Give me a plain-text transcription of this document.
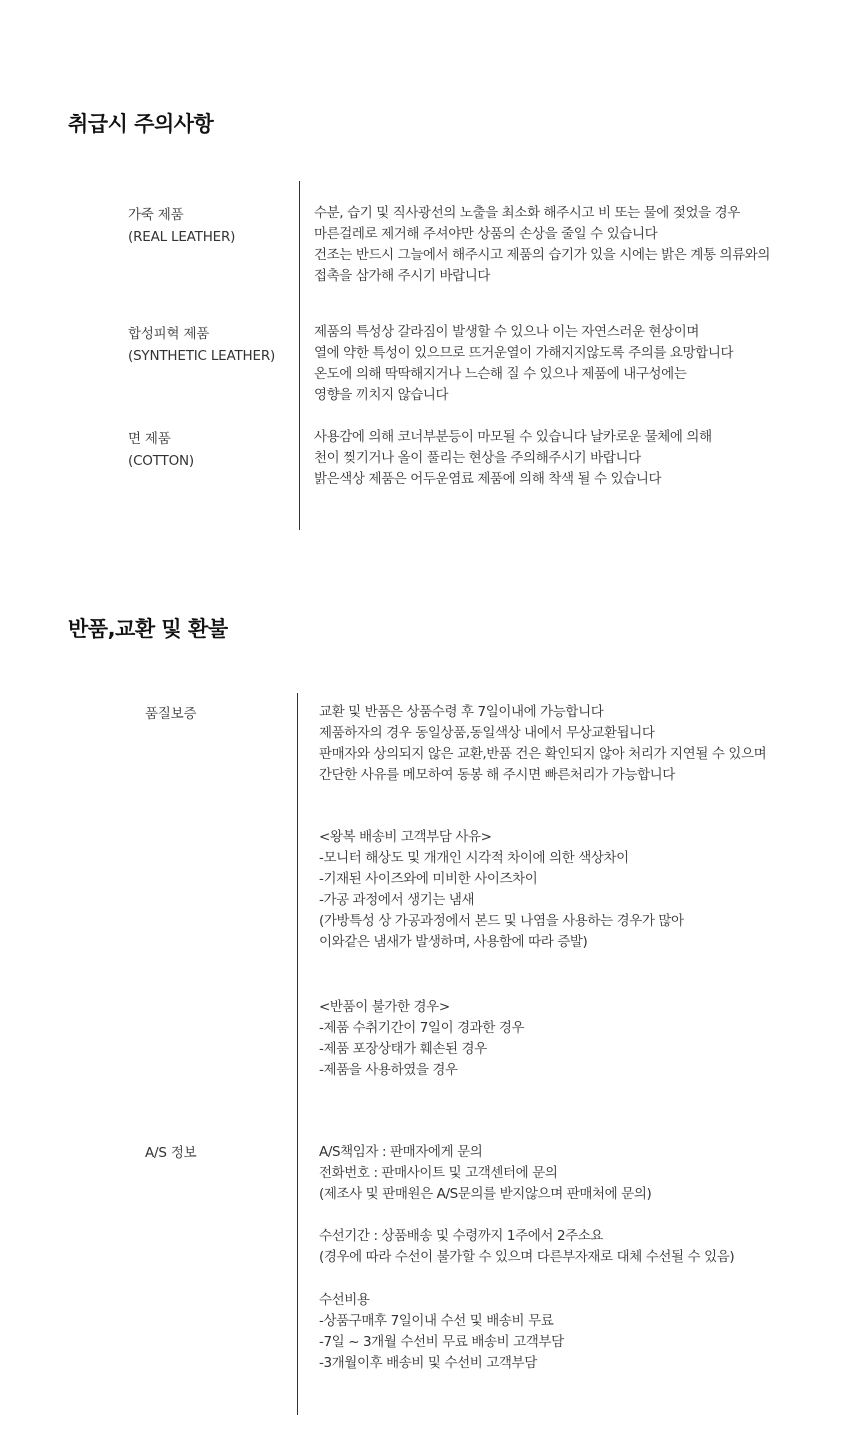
취급시 주의사항
가죽 제품
(REAL LEATHER)
수분, 습기 및 직사광선의 노출을 최소화 해주시고 비 또는 물에 젖었을 경우
마른걸레로 제거해 주셔야만 상품의 손상을 줄일 수 있습니다
건조는 반드시 그늘에서 해주시고 제품의 습기가 있을 시에는 밝은 계통 의류와의
접촉을 삼가해 주시기 바랍니다
합성피혁 제품
(SYNTHETIC LEATHER)
제품의 특성상 갈라짐이 발생할 수 있으나 이는 자연스러운 현상이며
열에 약한 특성이 있으므로 뜨거운열이 가해지지않도록 주의를 요망합니다
온도에 의해 딱딱해지거나 느슨해 질 수 있으나 제품에 내구성에는
영향을 끼치지 않습니다
면 제품
(COTTON)
사용감에 의해 코너부분등이 마모될 수 있습니다 날카로운 물체에 의해
천이 찢기거나 올이 풀리는 현상을 주의해주시기 바랍니다
밝은색상 제품은 어두운염료 제품에 의해 착색 될 수 있습니다
반품,교환 및 환불
품질보증	교환 및 반품은 상품수령 후 7일이내에 가능합니다
제품하자의 경우 동일상품,동일색상 내에서 무상교환됩니다
판매자와 상의되지 않은 교환,반품 건은 확인되지 않아 처리가 지연될 수 있으며
간단한 사유를 메모하여 동봉 해 주시면 빠른처리가 가능합니다
<왕복 배송비 고객부담 사유>
-모니터 해상도 및 개개인 시각적 차이에 의한 색상차이
-기재된 사이즈와에 미비한 사이즈차이
-가공 과정에서 생기는 냄새
(가방특성 상 가공과정에서 본드 및 나염을 사용하는 경우가 많아
이와같은 냄새가 발생하며, 사용함에 따라 증발)
<반품이 불가한 경우>
-제품 수취기간이 7일이 경과한 경우
-제품 포장상태가 훼손된 경우
-제품을 사용하였을 경우
A/S 정보	A/S책임자 : 판매자에게 문의
전화번호 : 판매사이트 및 고객센터에 문의
(제조사 및 판매원은 A/S문의를 받지않으며 판매처에 문의)
수선기간 : 상품배송 및 수령까지 1주에서 2주소요
(경우에 따라 수선이 불가할 수 있으며 다른부자재로 대체 수선될 수 있음)
수선비용
-상품구매후 7일이내 수선 및 배송비 무료
-7일 ~ 3개월 수선비 무료 배송비 고객부담
-3개월이후 배송비 및 수선비 고객부담
